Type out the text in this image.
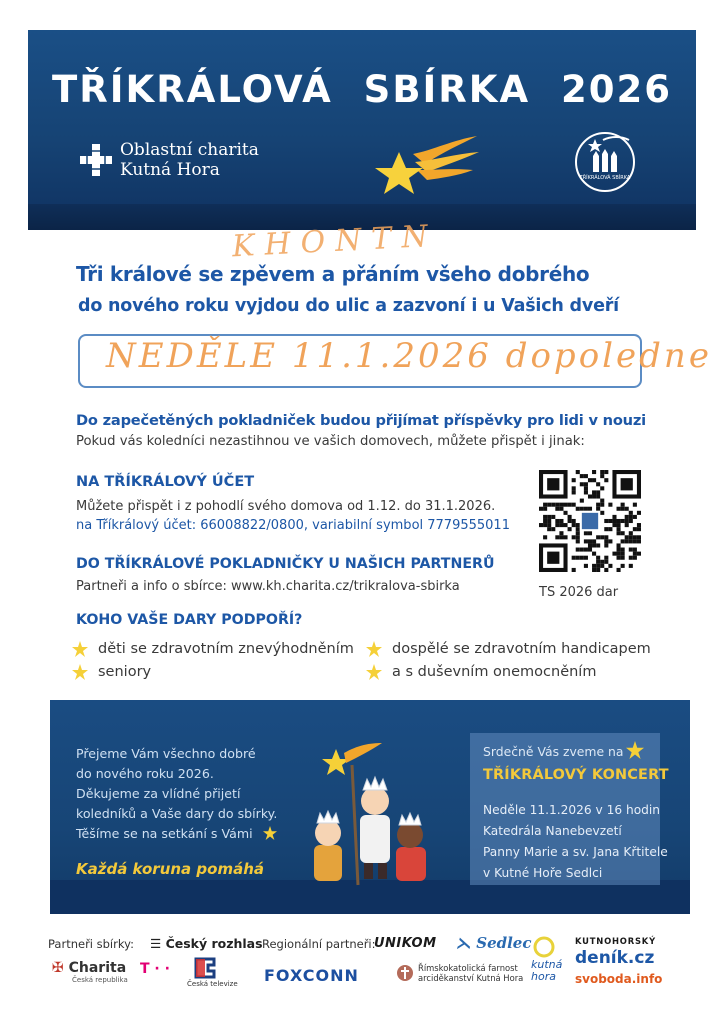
TŘÍKRÁLOVÁ SBÍRKA 2026
Oblastní charita
Kutná Hora	TŘÍKRÁLOVÁ SBÍRKA
KHONTN
Tři králové se zpěvem a přáním všeho dobrého
do nového roku vyjdou do ulic a zazvoní i u Vašich dveří
NEDĚLE 11.1.2026 dopoledne
Do zapečetěných pokladniček budou přijímat příspěvky pro lidi v nouzi
Pokud vás koledníci nezastihnou ve vašich domovech, můžete přispět i jinak:
NA TŘÍKRÁLOVÝ ÚČET
Můžete přispět i z pohodlí svého domova od 1.12. do 31.1.2026.
na Tříkrálový účet: 66008822/0800, variabilní symbol 7779555011
DO TŘÍKRÁLOVÉ POKLADNIČKY U NAŠICH PARTNERŮ
Partneři a info o sbírce: www.kh.charita.cz/trikralova-sbirka	TS 2026 dar
KOHO VAŠE DARY PODPOŘÍ?
děti se zdravotním znevýhodněním
seniory
dospělé se zdravotním handicapem
a s duševním onemocněním
Přejeme Vám všechno dobré
do nového roku 2026.
Děkujeme za vlídné přijetí
koledníků a Vaše dary do sbírky.
Těšíme se na setkání s Vámi
Každá koruna pomáhá
Srdečně Vás zveme na
TŘÍKRÁLOVÝ KONCERT
Neděle 11.1.2026 v 16 hodin
Katedrála Nanebevzetí
Panny Marie a sv. Jana Křtitele
v Kutné Hoře Sedlci
Partneři sbírky:	Regionální partneři:
☰ Český rozhlas	UNIKOM ⋋ Sedlec
✠ Charita
Česká republika
T · ·
Česká televize FOXCONN	Římskokatolická farnost
arciděkanství Kutná Hora
kutná
hora
KUTNOHORSKÝ
deník.cz
svoboda.info
